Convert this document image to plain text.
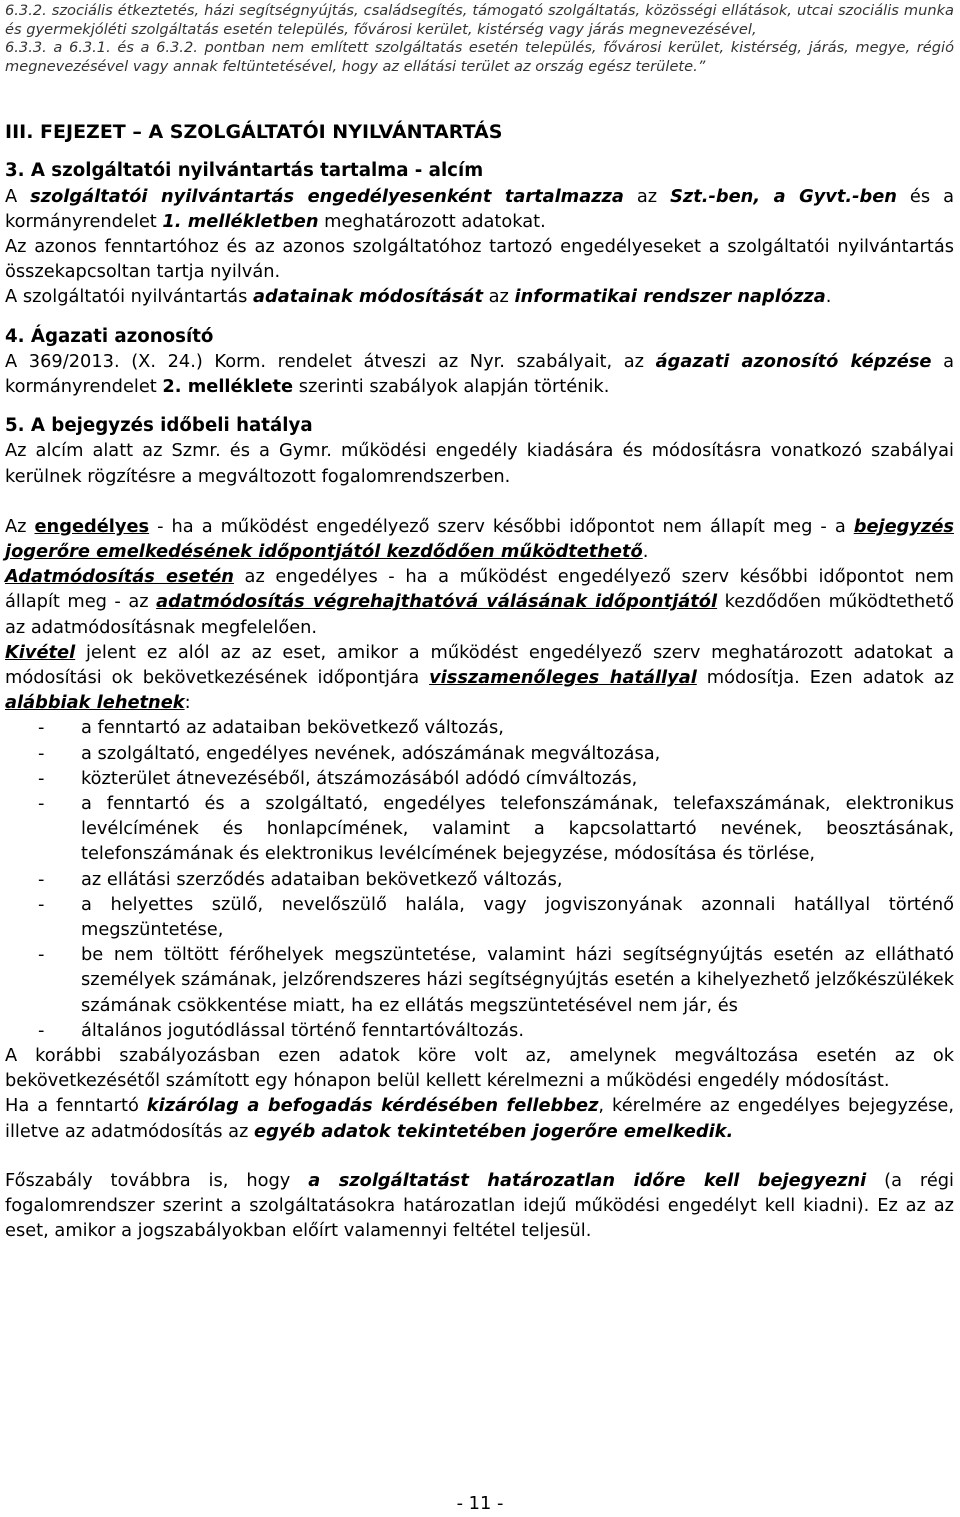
6.3.2. szociális étkeztetés, házi segítségnyújtás, családsegítés, támogató szolgáltatás, közösségi ellátások, utcai szociális munka és gyermekjóléti szolgáltatás esetén település, fővárosi kerület, kistérség vagy járás megnevezésével,

6.3.3. a 6.3.1. és a 6.3.2. pontban nem említett szolgáltatás esetén település, fővárosi kerület, kistérség, járás, megye, régió megnevezésével vagy annak feltüntetésével, hogy az ellátási terület az ország egész területe.”

III. FEJEZET – A SZOLGÁLTATÓI NYILVÁNTARTÁS
3. A szolgáltatói nyilvántartás tartalma - alcím

A szolgáltatói nyilvántartás engedélyesenként tartalmazza az Szt.-ben, a Gyvt.-ben és a kormányrendelet 1. mellékletben meghatározott adatokat.

Az azonos fenntartóhoz és az azonos szolgáltatóhoz tartozó engedélyeseket a szolgáltatói nyilvántartás összekapcsoltan tartja nyilván.

A szolgáltatói nyilvántartás adatainak módosítását az informatikai rendszer naplózza.

4. Ágazati azonosító

A 369/2013. (X. 24.) Korm. rendelet átveszi az Nyr. szabályait, az ágazati azonosító képzése a kormányrendelet 2. melléklete szerinti szabályok alapján történik.

5. A bejegyzés időbeli hatálya

Az alcím alatt az Szmr. és a Gymr. működési engedély kiadására és módosításra vonatkozó szabályai kerülnek rögzítésre a megváltozott fogalomrendszerben.

Az engedélyes - ha a működést engedélyező szerv későbbi időpontot nem állapít meg - a bejegyzés jogerőre emelkedésének időpontjától kezdődően működtethető.

Adatmódosítás esetén az engedélyes - ha a működést engedélyező szerv későbbi időpontot nem állapít meg - az adatmódosítás végrehajthatóvá válásának időpontjától kezdődően működtethető az adatmódosításnak megfelelően.

Kivétel jelent ez alól az az eset, amikor a működést engedélyező szerv meghatározott adatokat a módosítási ok bekövetkezésének időpontjára visszamenőleges hatállyal módosítja. Ezen adatok az alábbiak lehetnek:

- a fenntartó az adataiban bekövetkező változás,
- a szolgáltató, engedélyes nevének, adószámának megváltozása,
- közterület átnevezéséből, átszámozásából adódó címváltozás,
- a fenntartó és a szolgáltató, engedélyes telefonszámának, telefaxszámának, elektronikus levélcímének és honlapcímének, valamint a kapcsolattartó nevének, beosztásának, telefonszámának és elektronikus levélcímének bejegyzése, módosítása és törlése,
- az ellátási szerződés adataiban bekövetkező változás,
- a helyettes szülő, nevelőszülő halála, vagy jogviszonyának azonnali hatállyal történő megszüntetése,
- be nem töltött férőhelyek megszüntetése, valamint házi segítségnyújtás esetén az ellátható személyek számának, jelzőrendszeres házi segítségnyújtás esetén a kihelyezhető jelzőkészülékek számának csökkentése miatt, ha ez ellátás megszüntetésével nem jár, és
- általános jogutódlással történő fenntartóváltozás.

A korábbi szabályozásban ezen adatok köre volt az, amelynek megváltozása esetén az ok bekövetkezésétől számított egy hónapon belül kellett kérelmezni a működési engedély módosítást.

Ha a fenntartó kizárólag a befogadás kérdésében fellebbez, kérelmére az engedélyes bejegyzése, illetve az adatmódosítás az egyéb adatok tekintetében jogerőre emelkedik.

Főszabály továbbra is, hogy a szolgáltatást határozatlan időre kell bejegyezni (a régi fogalomrendszer szerint a szolgáltatásokra határozatlan idejű működési engedélyt kell kiadni). Ez az az eset, amikor a jogszabályokban előírt valamennyi feltétel teljesül.

- 11 -
